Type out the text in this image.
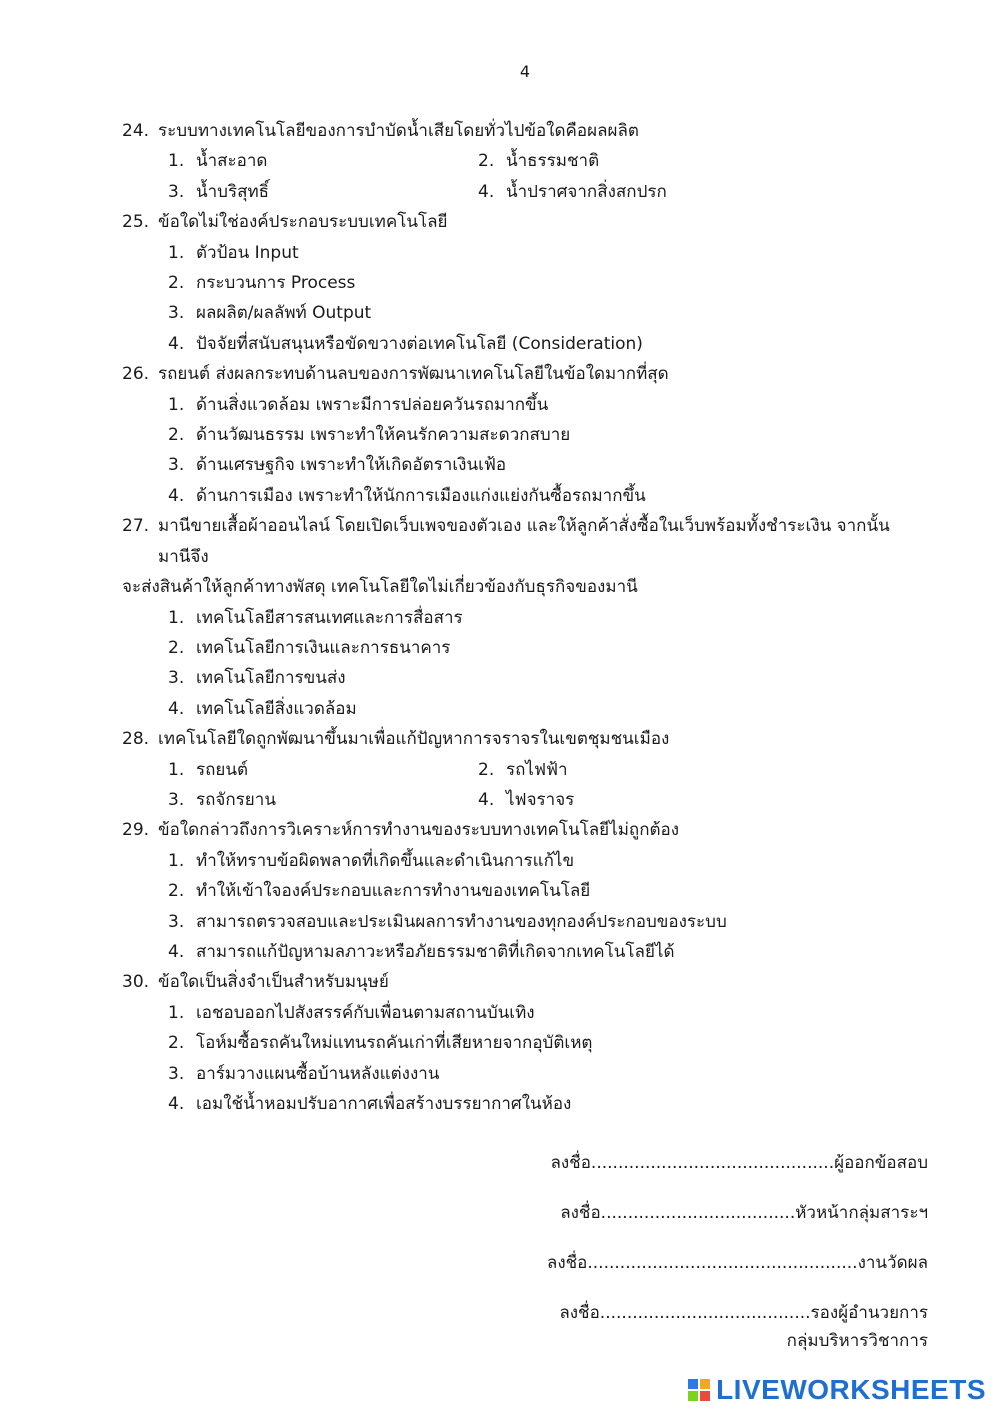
4
24. ระบบทางเทคโนโลยีของการบำบัดน้ำเสียโดยทั่วไปข้อใดคือผลผลิต
1. น้ำสะอาด	2. น้ำธรรมชาติ
3. น้ำบริสุทธิ์	4. น้ำปราศจากสิ่งสกปรก
25. ข้อใดไม่ใช่องค์ประกอบระบบเทคโนโลยี
1. ตัวป้อน Input
2. กระบวนการ Process
3. ผลผลิต/ผลลัพท์ Output
4. ปัจจัยที่สนับสนุนหรือขัดขวางต่อเทคโนโลยี (Consideration)
26. รถยนต์ ส่งผลกระทบด้านลบของการพัฒนาเทคโนโลยีในข้อใดมากที่สุด
1. ด้านสิ่งแวดล้อม เพราะมีการปล่อยควันรถมากขึ้น
2. ด้านวัฒนธรรม เพราะทำให้คนรักความสะดวกสบาย
3. ด้านเศรษฐกิจ เพราะทำให้เกิดอัตราเงินเฟ้อ
4. ด้านการเมือง เพราะทำให้นักการเมืองแก่งแย่งกันซื้อรถมากขึ้น
27. มานีขายเสื้อผ้าออนไลน์ โดยเปิดเว็บเพจของตัวเอง และให้ลูกค้าสั่งซื้อในเว็บพร้อมทั้งชำระเงิน จากนั้นมานีจึง
จะส่งสินค้าให้ลูกค้าทางพัสดุ เทคโนโลยีใดไม่เกี่ยวข้องกับธุรกิจของมานี
1. เทคโนโลยีสารสนเทศและการสื่อสาร
2. เทคโนโลยีการเงินและการธนาคาร
3. เทคโนโลยีการขนส่ง
4. เทคโนโลยีสิ่งแวดล้อม
28. เทคโนโลยีใดถูกพัฒนาขึ้นมาเพื่อแก้ปัญหาการจราจรในเขตชุมชนเมือง
1. รถยนต์	2. รถไฟฟ้า
3. รถจักรยาน	4. ไฟจราจร
29. ข้อใดกล่าวถึงการวิเคราะห์การทำงานของระบบทางเทคโนโลยีไม่ถูกต้อง
1. ทำให้ทราบข้อผิดพลาดที่เกิดขึ้นและดำเนินการแก้ไข
2. ทำให้เข้าใจองค์ประกอบและการทำงานของเทคโนโลยี
3. สามารถตรวจสอบและประเมินผลการทำงานของทุกองค์ประกอบของระบบ
4. สามารถแก้ปัญหามลภาวะหรือภัยธรรมชาติที่เกิดจากเทคโนโลยีได้
30. ข้อใดเป็นสิ่งจำเป็นสำหรับมนุษย์
1. เอชอบออกไปสังสรรค์กับเพื่อนตามสถานบันเทิง
2. โอห์มซื้อรถคันใหม่แทนรถคันเก่าที่เสียหายจากอุบัติเหตุ
3. อาร์มวางแผนซื้อบ้านหลังแต่งงาน
4. เอมใช้น้ำหอมปรับอากาศเพื่อสร้างบรรยากาศในห้อง
ลงชื่อ.............................................ผู้ออกข้อสอบ
ลงชื่อ....................................หัวหน้ากลุ่มสาระฯ
ลงชื่อ..................................................งานวัดผล
ลงชื่อ.......................................รองผู้อำนวยการ
กลุ่มบริหารวิชาการ
LIVEWORKSHEETS
